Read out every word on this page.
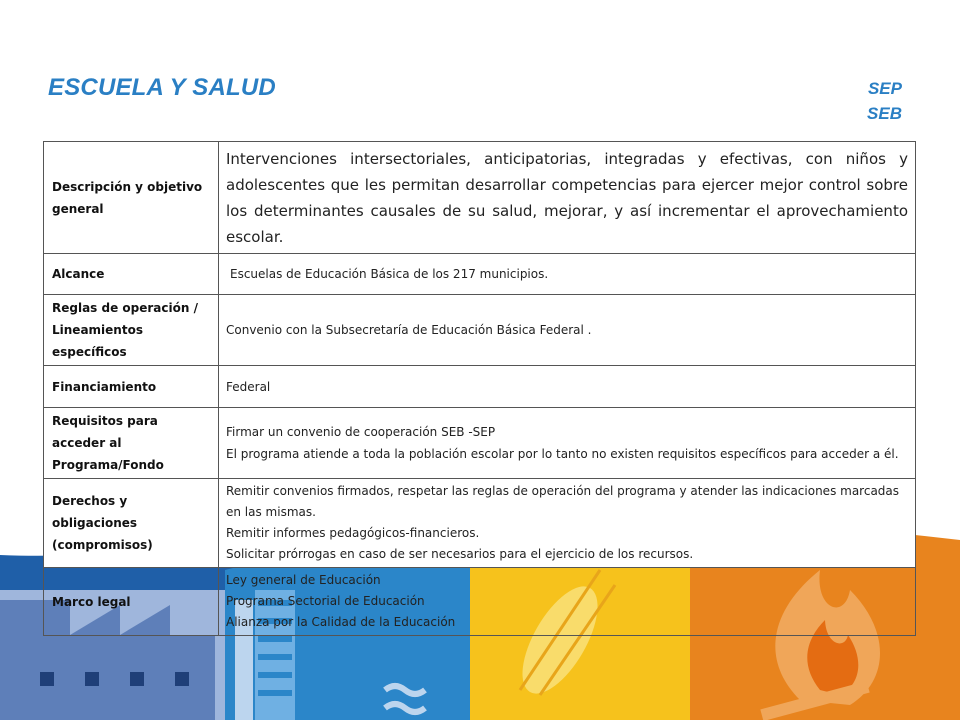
ESCUELA Y SALUD	SEP
SEB
Descripción y objetivo general	Intervenciones intersectoriales, anticipatorias, integradas y efectivas, con niños y adolescentes que les permitan desarrollar competencias para ejercer mejor control sobre los determinantes causales de su salud, mejorar, y así incrementar el aprovechamiento escolar.

Alcance	Escuelas de Educación Básica de los 217 municipios.

Reglas de operación / Lineamientos específicos	Convenio con la Subsecretaría de Educación Básica Federal .

Financiamiento	Federal

Requisitos para acceder al Programa/Fondo	Firmar un convenio de cooperación SEB -SEP
El programa atiende a toda la población escolar por lo tanto no existen requisitos específicos para acceder a él.

Derechos y obligaciones (compromisos)	Remitir convenios firmados, respetar las reglas de operación del programa y atender las indicaciones marcadas en las mismas.
Remitir informes pedagógicos-financieros.
Solicitar prórrogas en caso de ser necesarios para el ejercicio de los recursos.

Marco legal	Ley general de Educación
Programa Sectorial de Educación
Alianza por la Calidad de la Educación
